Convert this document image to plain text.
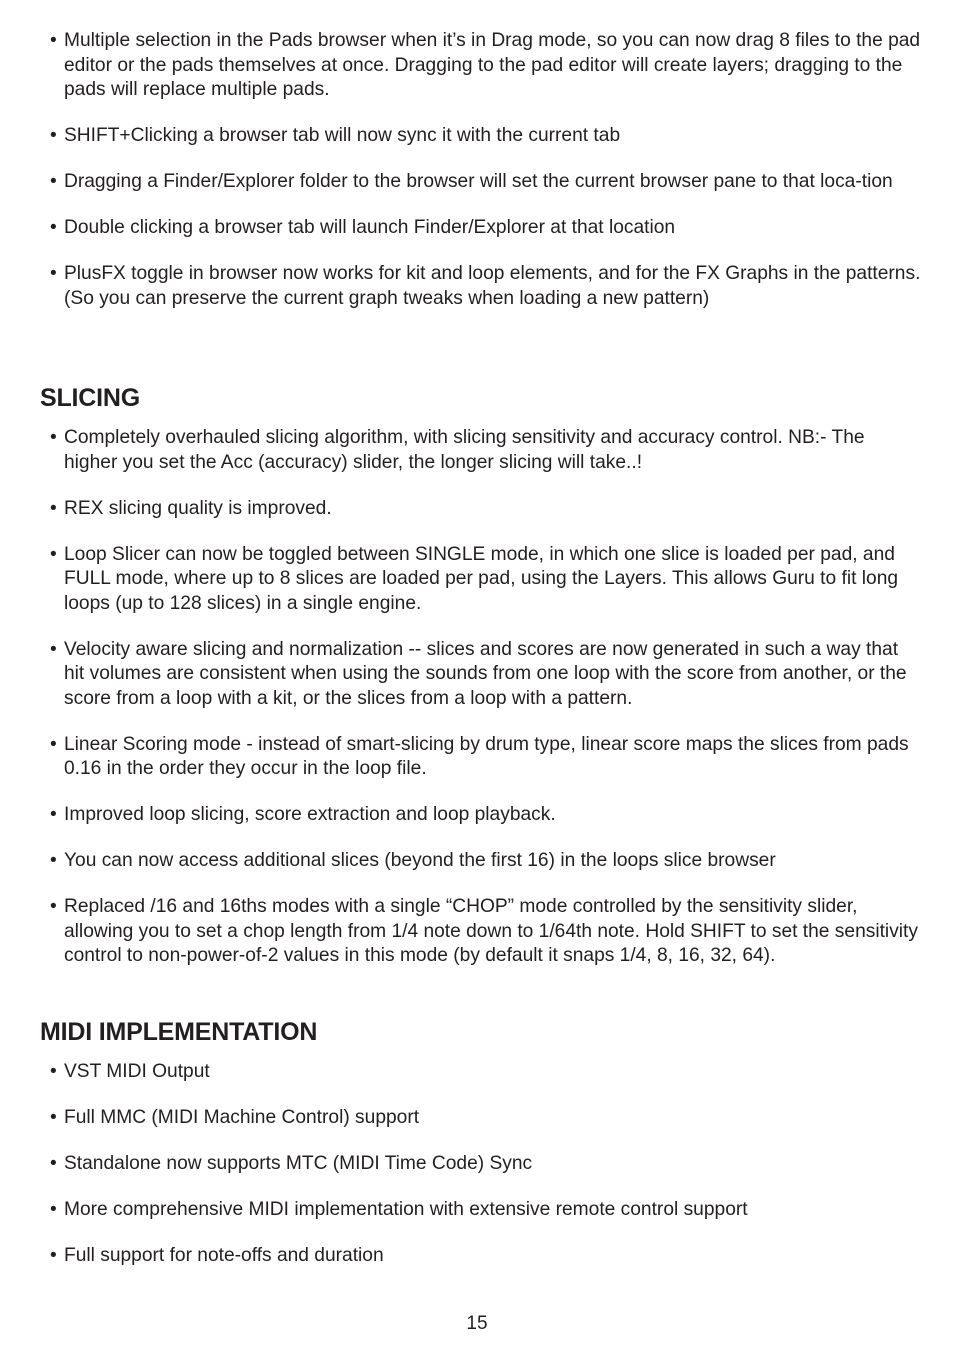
• Multiple selection in the Pads browser when it’s in Drag mode, so you can now drag 8 files to the pad editor or the pads themselves at once. Dragging to the pad editor will create layers; dragging to the pads will replace multiple pads.
• SHIFT+Clicking a browser tab will now sync it with the current tab
• Dragging a Finder/Explorer folder to the browser will set the current browser pane to that loca-tion
• Double clicking a browser tab will launch Finder/Explorer at that location
• PlusFX toggle in browser now works for kit and loop elements, and for the FX Graphs in the patterns. (So you can preserve the current graph tweaks when loading a new pattern)
SLICING
• Completely overhauled slicing algorithm, with slicing sensitivity and accuracy control. NB:- The higher you set the Acc (accuracy) slider, the longer slicing will take..!
• REX slicing quality is improved.
• Loop Slicer can now be toggled between SINGLE mode, in which one slice is loaded per pad, and FULL mode, where up to 8 slices are loaded per pad, using the Layers. This allows Guru to fit long loops (up to 128 slices) in a single engine.
• Velocity aware slicing and normalization -- slices and scores are now generated in such a way that hit volumes are consistent when using the sounds from one loop with the score from another, or the score from a loop with a kit, or the slices from a loop with a pattern.
• Linear Scoring mode - instead of smart-slicing by drum type, linear score maps the slices from pads 0.16 in the order they occur in the loop file.
• Improved loop slicing, score extraction and loop playback.
• You can now access additional slices (beyond the first 16) in the loops slice browser
• Replaced /16 and 16ths modes with a single “CHOP” mode controlled by the sensitivity slider, allowing you to set a chop length from 1/4 note down to 1/64th note. Hold SHIFT to set the sensitivity control to non-power-of-2 values in this mode (by default it snaps 1/4, 8, 16, 32, 64).
MIDI IMPLEMENTATION
• VST MIDI Output
• Full MMC (MIDI Machine Control) support
• Standalone now supports MTC (MIDI Time Code) Sync
• More comprehensive MIDI implementation with extensive remote control support
• Full support for note-offs and duration
15
